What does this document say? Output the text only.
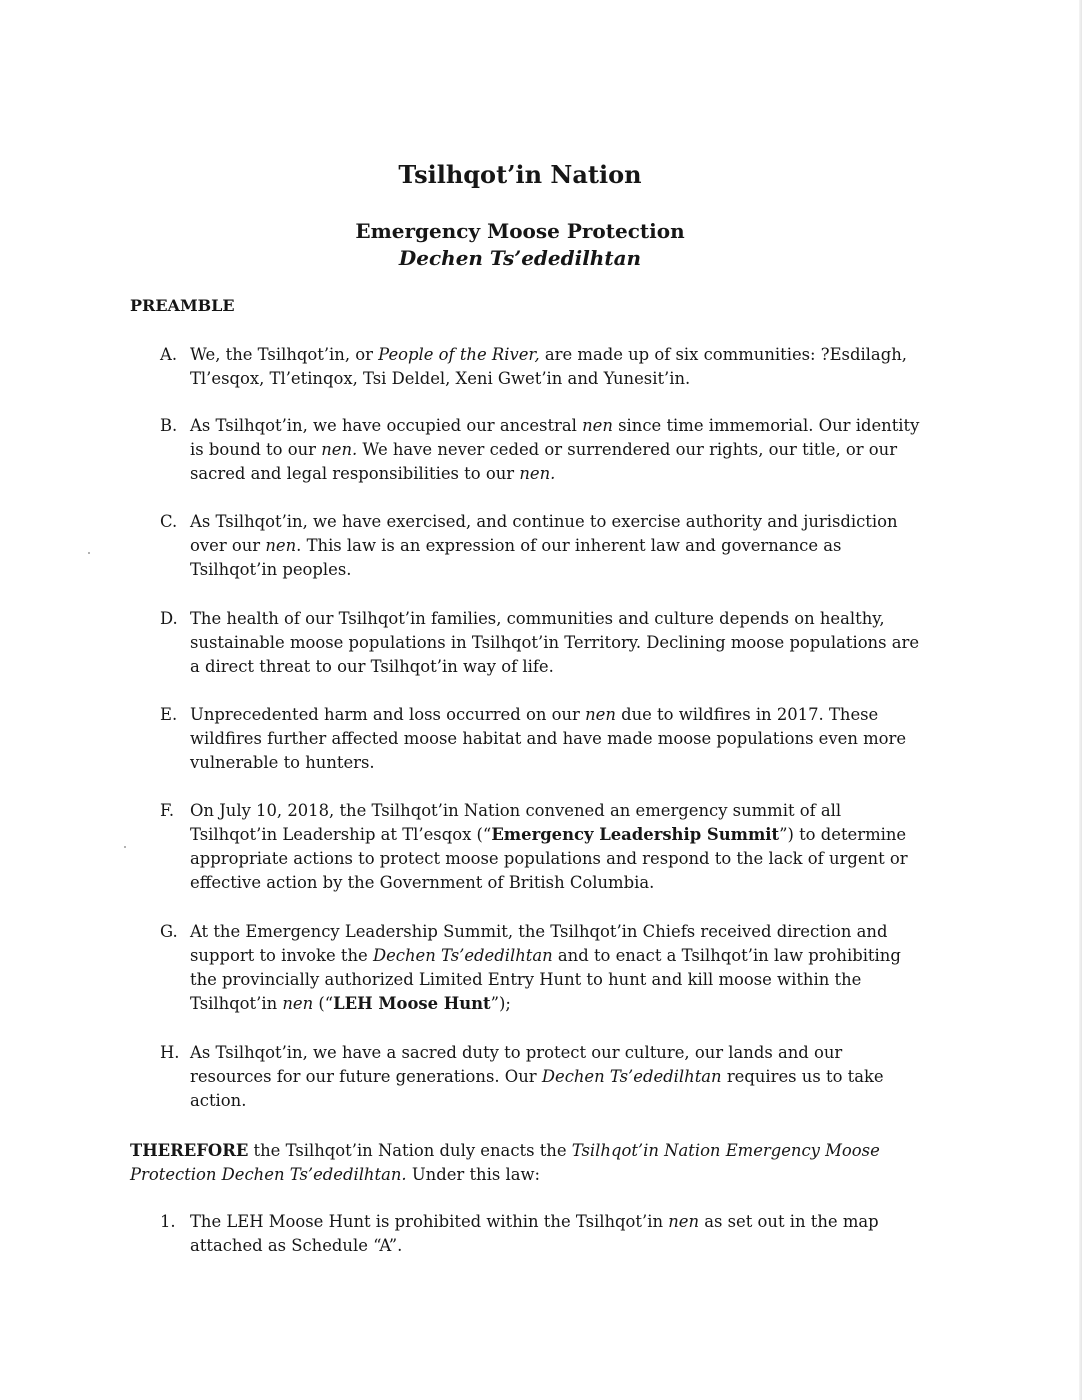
Tsilhqot’in Nation
Emergency Moose Protection
Dechen Ts’ededilhtan
PREAMBLE
A. We, the Tsilhqot’in, or People of the River, are made up of six communities: ?Esdilagh, Tl’esqox, Tl’etinqox, Tsi Deldel, Xeni Gwet’in and Yunesit’in.
B. As Tsilhqot’in, we have occupied our ancestral nen since time immemorial. Our identity is bound to our nen. We have never ceded or surrendered our rights, our title, or our sacred and legal responsibilities to our nen.
C. As Tsilhqot’in, we have exercised, and continue to exercise authority and jurisdiction over our nen. This law is an expression of our inherent law and governance as Tsilhqot’in peoples.
D. The health of our Tsilhqot’in families, communities and culture depends on healthy, sustainable moose populations in Tsilhqot’in Territory. Declining moose populations are a direct threat to our Tsilhqot’in way of life.
E. Unprecedented harm and loss occurred on our nen due to wildfires in 2017. These wildfires further affected moose habitat and have made moose populations even more vulnerable to hunters.
F. On July 10, 2018, the Tsilhqot’in Nation convened an emergency summit of all Tsilhqot’in Leadership at Tl’esqox (“Emergency Leadership Summit”) to determine appropriate actions to protect moose populations and respond to the lack of urgent or effective action by the Government of British Columbia.
G. At the Emergency Leadership Summit, the Tsilhqot’in Chiefs received direction and support to invoke the Dechen Ts’ededilhtan and to enact a Tsilhqot’in law prohibiting the provincially authorized Limited Entry Hunt to hunt and kill moose within the Tsilhqot’in nen (“LEH Moose Hunt”);
H. As Tsilhqot’in, we have a sacred duty to protect our culture, our lands and our resources for our future generations. Our Dechen Ts’ededilhtan requires us to take action.
THEREFORE the Tsilhqot’in Nation duly enacts the Tsilhqot’in Nation Emergency Moose Protection Dechen Ts’ededilhtan. Under this law:
1. The LEH Moose Hunt is prohibited within the Tsilhqot’in nen as set out in the map attached as Schedule “A”.
